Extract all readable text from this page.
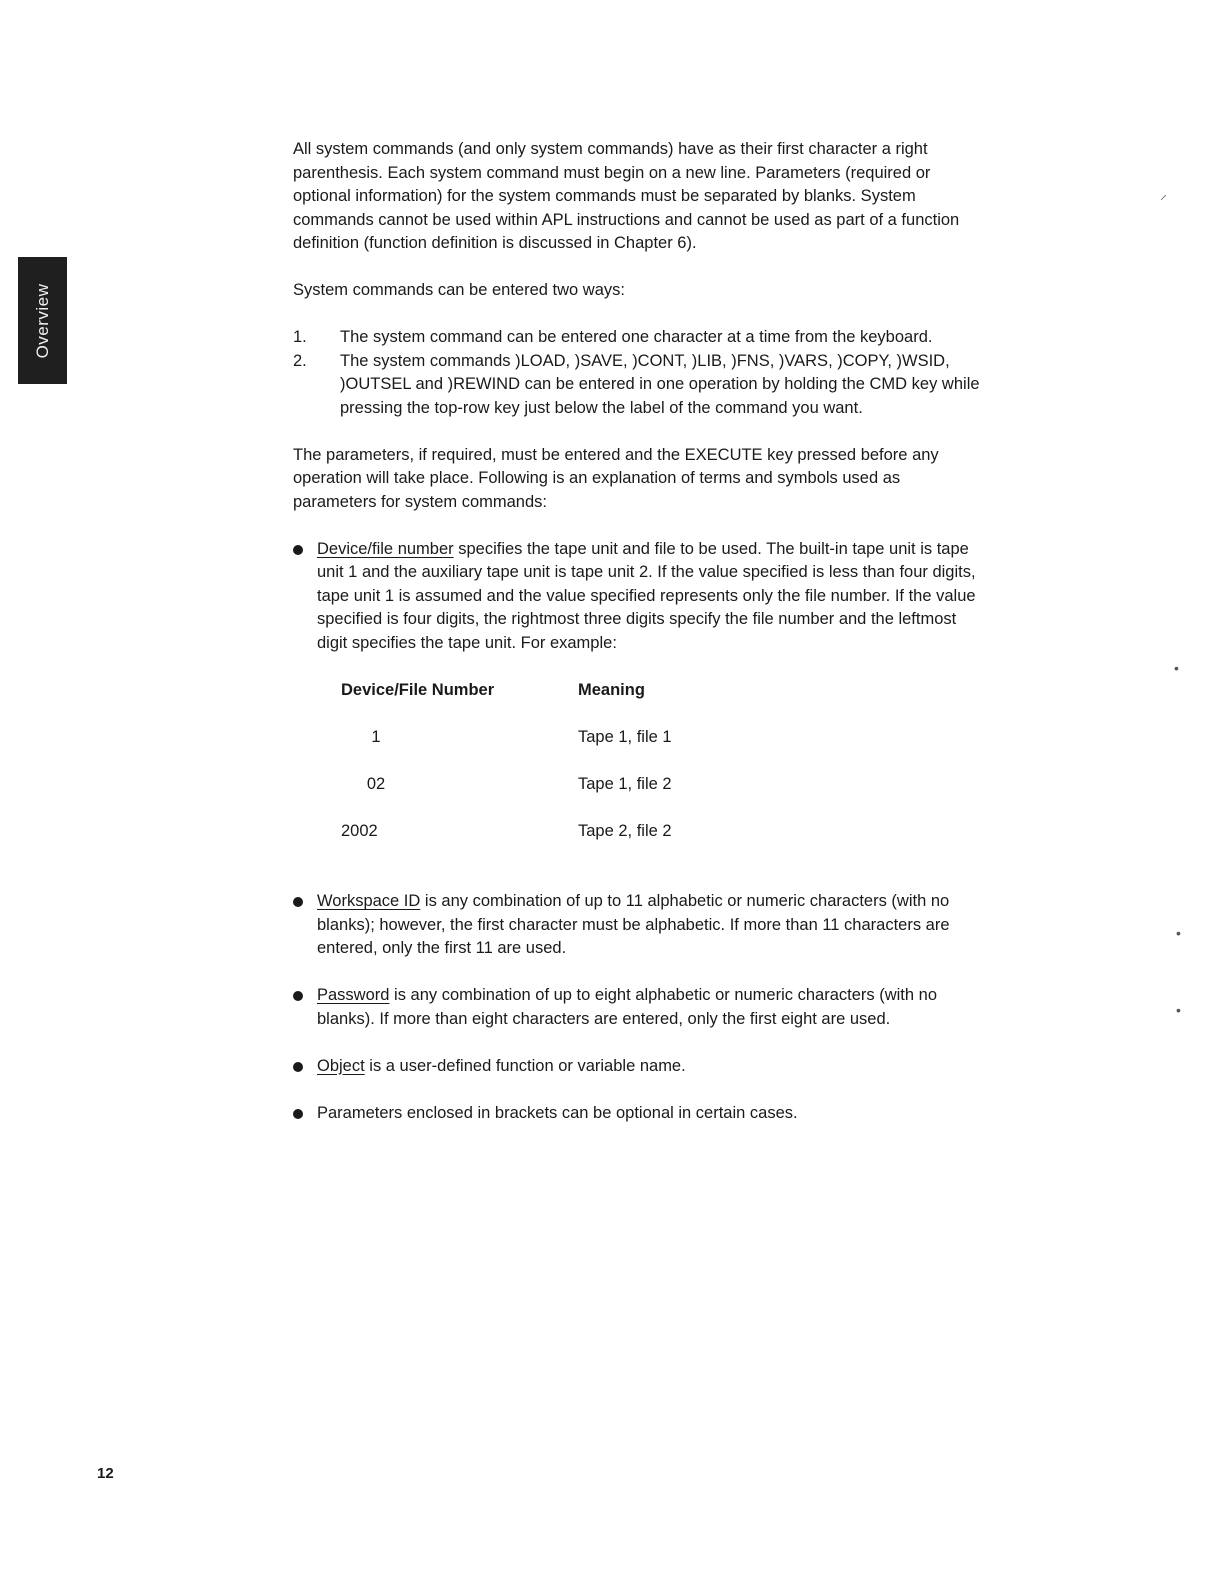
Overview

All system commands (and only system commands) have as their first character a right parenthesis. Each system command must begin on a new line. Parameters (required or optional information) for the system commands must be separated by blanks. System commands cannot be used within APL instructions and cannot be used as part of a function definition (function definition is discussed in Chapter 6).

System commands can be entered two ways:

1. The system command can be entered one character at a time from the keyboard.
2. The system commands )LOAD, )SAVE, )CONT, )LIB, )FNS, )VARS, )COPY, )WSID, )OUTSEL and )REWIND can be entered in one operation by holding the CMD key while pressing the top-row key just below the label of the command you want.

The parameters, if required, must be entered and the EXECUTE key pressed before any operation will take place. Following is an explanation of terms and symbols used as parameters for system commands:

Device/file number specifies the tape unit and file to be used. The built-in tape unit is tape unit 1 and the auxiliary tape unit is tape unit 2. If the value specified is less than four digits, tape unit 1 is assumed and the value specified represents only the file number. If the value specified is four digits, the rightmost three digits specify the file number and the leftmost digit specifies the tape unit. For example:
Device/File Number	Meaning
1	Tape 1, file 1
02	Tape 1, file 2
2002	Tape 2, file 2
Workspace ID is any combination of up to 11 alphabetic or numeric characters (with no blanks); however, the first character must be alphabetic. If more than 11 characters are entered, only the first 11 are used.
Password is any combination of up to eight alphabetic or numeric characters (with no blanks). If more than eight characters are entered, only the first eight are used.
Object is a user-defined function or variable name.
Parameters enclosed in brackets can be optional in certain cases.
12
⸝
•
•
•
